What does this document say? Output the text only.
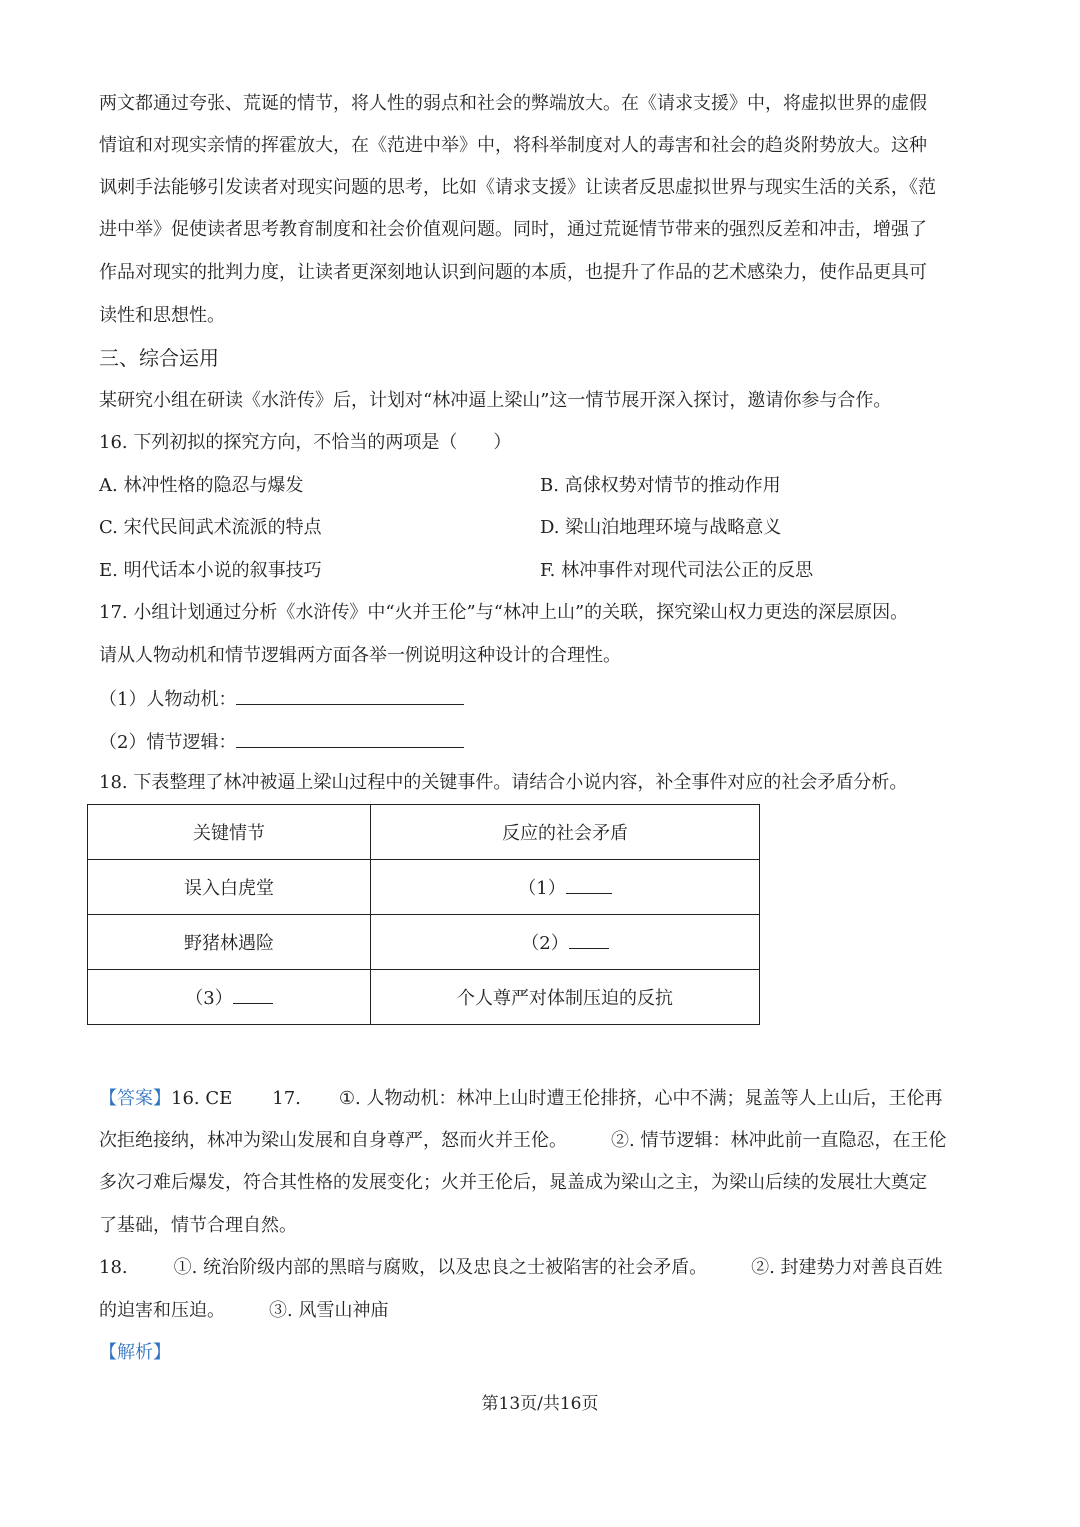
两文都通过夸张、荒诞的情节，将人性的弱点和社会的弊端放大。在《请求支援》中，将虚拟世界的虚假
情谊和对现实亲情的挥霍放大，在《范进中举》中，将科举制度对人的毒害和社会的趋炎附势放大。这种
讽刺手法能够引发读者对现实问题的思考，比如《请求支援》让读者反思虚拟世界与现实生活的关系，《范
进中举》促使读者思考教育制度和社会价值观问题。同时，通过荒诞情节带来的强烈反差和冲击，增强了
作品对现实的批判力度，让读者更深刻地认识到问题的本质，也提升了作品的艺术感染力，使作品更具可
读性和思想性。
三、综合运用
某研究小组在研读《水浒传》后，计划对“林冲逼上梁山”这一情节展开深入探讨，邀请你参与合作。
16. 下列初拟的探究方向，不恰当的两项是（　　）
A. 林冲性格的隐忍与爆发	B. 高俅权势对情节的推动作用
C. 宋代民间武术流派的特点	D. 梁山泊地理环境与战略意义
E. 明代话本小说的叙事技巧	F. 林冲事件对现代司法公正的反思
17. 小组计划通过分析《水浒传》中“火并王伦”与“林冲上山”的关联，探究梁山权力更迭的深层原因。
请从人物动机和情节逻辑两方面各举一例说明这种设计的合理性。
（1）人物动机：
（2）情节逻辑：
18. 下表整理了林冲被逼上梁山过程中的关键事件。请结合小说内容，补全事件对应的社会矛盾分析。
关键情节	反应的社会矛盾
误入白虎堂	（1）
野猪林遇险	（2）
（3）	个人尊严对体制压迫的反抗
【答案】16. CE 17. ①. 人物动机：林冲上山时遭王伦排挤，心中不满；晁盖等人上山后，王伦再
次拒绝接纳，林冲为梁山发展和自身尊严，怒而火并王伦。 ②. 情节逻辑：林冲此前一直隐忍，在王伦
多次刁难后爆发，符合其性格的发展变化；火并王伦后，晁盖成为梁山之主，为梁山后续的发展壮大奠定
了基础，情节合理自然。
18.	①. 统治阶级内部的黑暗与腐败，以及忠良之士被陷害的社会矛盾。 ②. 封建势力对善良百姓
的迫害和压迫。 ③. 风雪山神庙
【解析】
第13页/共16页
